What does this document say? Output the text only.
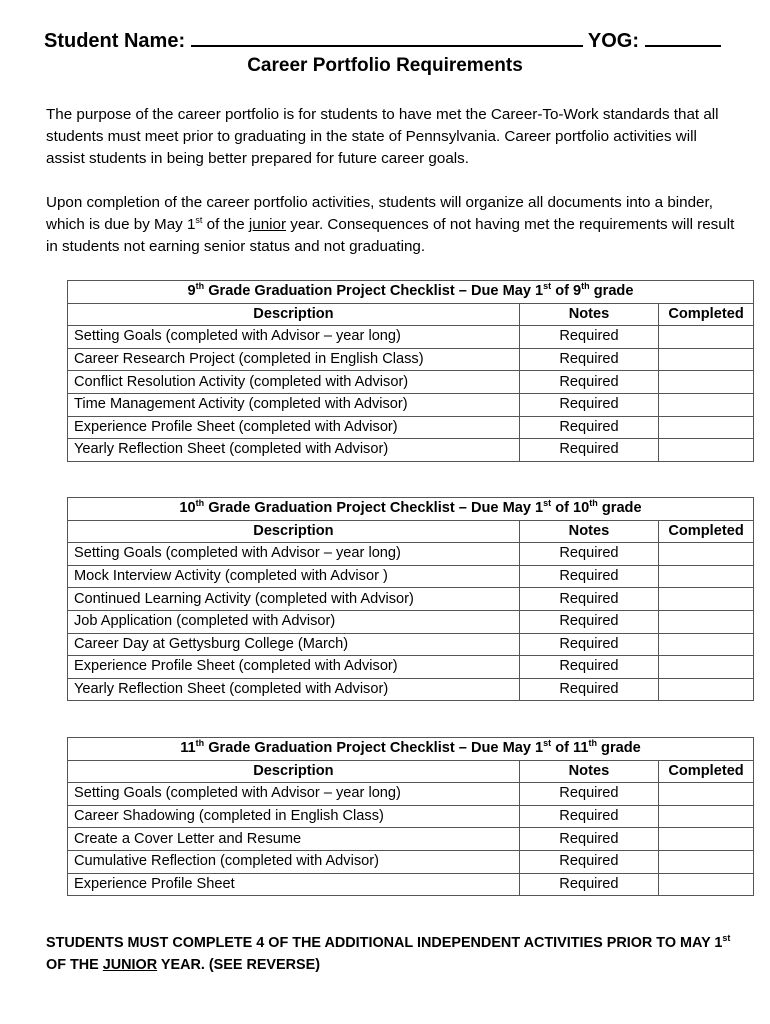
Student Name:	YOG:
Career Portfolio Requirements
The purpose of the career portfolio is for students to have met the Career-To-Work standards that all students must meet prior to graduating in the state of Pennsylvania. Career portfolio activities will assist students in being better prepared for future career goals.
Upon completion of the career portfolio activities, students will organize all documents into a binder, which is due by May 1st of the junior year. Consequences of not having met the requirements will result in students not earning senior status and not graduating.
9th Grade Graduation Project Checklist – Due May 1st of 9th grade		
Description	Notes	Completed
Setting Goals (completed with Advisor – year long)	Required	
Career Research Project (completed in English Class)	Required	
Conflict Resolution Activity (completed with Advisor)	Required	
Time Management Activity (completed with Advisor)	Required	
Experience Profile Sheet (completed with Advisor)	Required	
Yearly Reflection Sheet (completed with Advisor)	Required	
10th Grade Graduation Project Checklist – Due May 1st of 10th grade		
Description	Notes	Completed
Setting Goals (completed with Advisor – year long)	Required	
Mock Interview Activity (completed with Advisor )	Required	
Continued Learning Activity (completed with Advisor)	Required	
Job Application (completed with Advisor)	Required	
Career Day at Gettysburg College (March)	Required	
Experience Profile Sheet (completed with Advisor)	Required	
Yearly Reflection Sheet (completed with Advisor)	Required	
11th Grade Graduation Project Checklist – Due May 1st of 11th grade		
Description	Notes	Completed
Setting Goals (completed with Advisor – year long)	Required	
Career Shadowing (completed in English Class)	Required	
Create a Cover Letter and Resume	Required	
Cumulative Reflection (completed with Advisor)	Required	
Experience Profile Sheet	Required	
STUDENTS MUST COMPLETE 4 OF THE ADDITIONAL INDEPENDENT ACTIVITIES PRIOR TO MAY 1st
OF THE JUNIOR YEAR. (SEE REVERSE)
